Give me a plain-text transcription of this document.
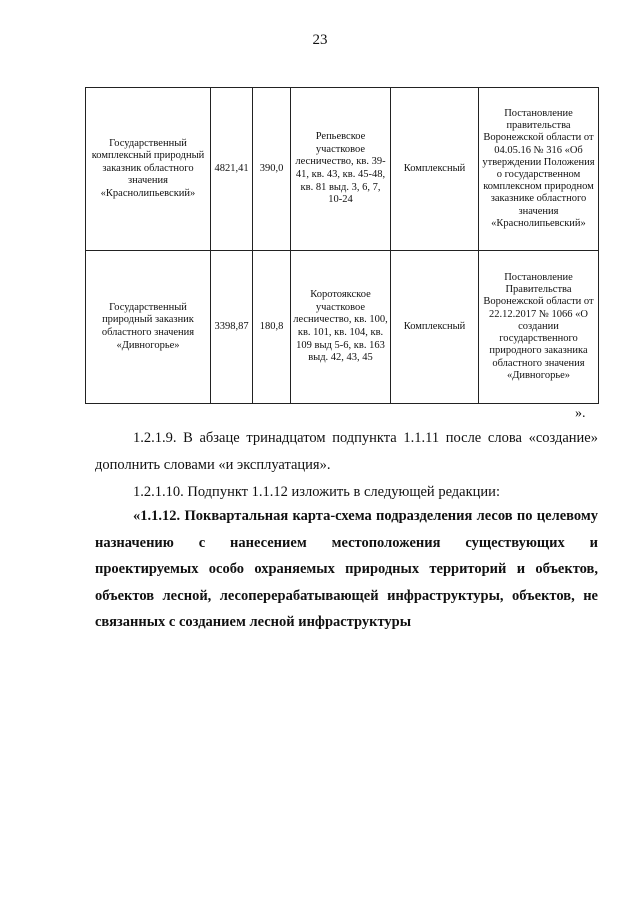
23
Государственный комплексный природный заказник областного значения «Краснолипьевский»	4821,41	390,0	Репьевское участковое лесничество, кв. 39-41, кв. 43, кв. 45-48, кв. 81 выд. 3, 6, 7, 10-24	Комплексный	Постановление правительства Воронежской области от 04.05.16 № 316 «Об утверждении Положения о государственном комплексном природном заказнике областного значения «Краснолипьевский»
Государственный природный заказник областного значения «Дивногорье»	3398,87	180,8	Коротоякское участковое лесничество, кв. 100, кв. 101, кв. 104, кв. 109 выд 5-6, кв. 163 выд. 42, 43, 45	Комплексный	Постановление Правительства Воронежской области от 22.12.2017 № 1066 «О создании государственного природного заказника областного значения «Дивногорье»
».
1.2.1.9. В абзаце тринадцатом подпункта 1.1.11 после слова «создание» дополнить словами «и эксплуатация».
1.2.1.10. Подпункт 1.1.12 изложить в следующей редакции:
«1.1.12. Поквартальная карта-схема подразделения лесов по целевому назначению с нанесением местоположения существующих и проектируемых особо охраняемых природных территорий и объектов, объектов лесной, лесоперерабатывающей инфраструктуры, объектов, не связанных с созданием лесной инфраструктуры
